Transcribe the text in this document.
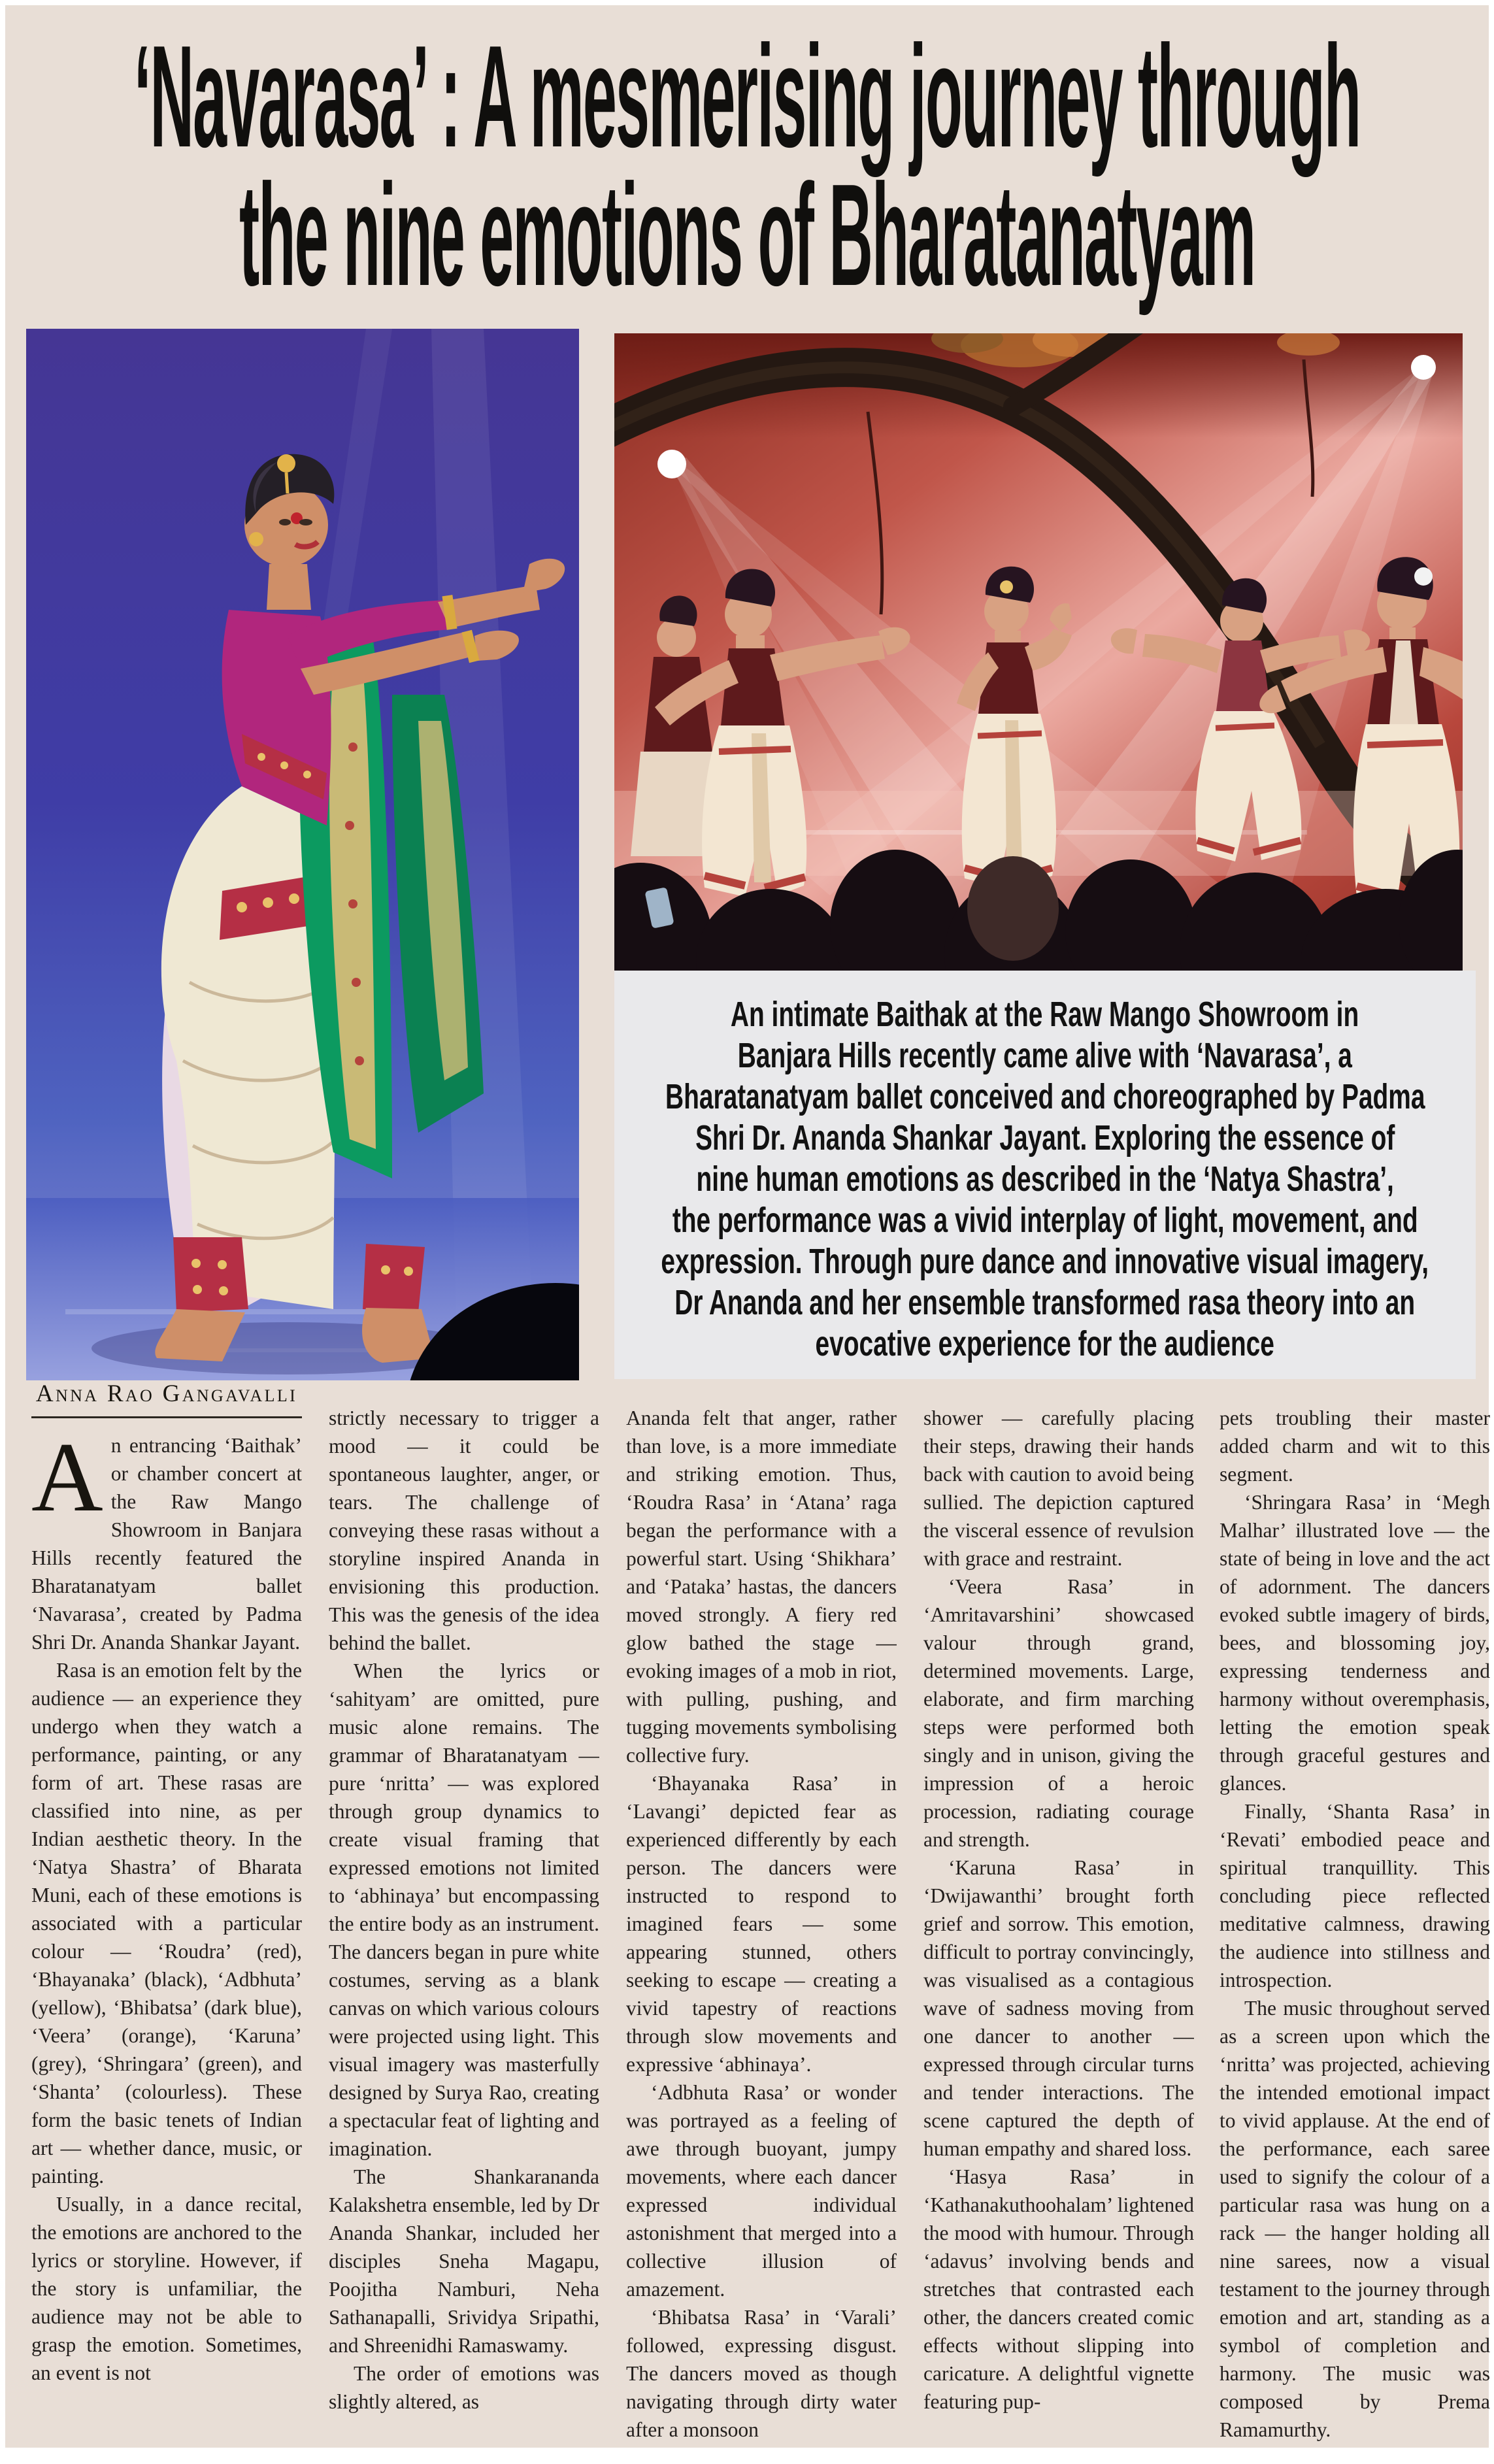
‘Navarasa’ : A mesmerising journey through
the nine emotions of Bharatanatyam
An intimate Baithak at the Raw Mango Showroom in
Banjara Hills recently came alive with ‘Navarasa’, a
Bharatanatyam ballet conceived and choreographed by Padma
Shri Dr. Ananda Shankar Jayant. Exploring the essence of
nine human emotions as described in the ‘Natya Shastra’,
the performance was a vivid interplay of light, movement, and
expression. Through pure dance and innovative visual imagery,
Dr Ananda and her ensemble transformed rasa theory into an
evocative experience for the audience
Anna Rao Gangavalli

An entrancing ‘Baithak’ or chamber concert at the Raw Mango Showroom in Banjara Hills recently featured the Bharatanatyam ballet ‘Navarasa’, created by Padma Shri Dr. Ananda Shankar Jayant.

Rasa is an emotion felt by the audience — an experience they undergo when they watch a performance, painting, or any form of art. These rasas are classified into nine, as per Indian aesthetic theory. In the ‘Natya Shastra’ of Bharata Muni, each of these emotions is associated with a particular colour — ‘Roudra’ (red), ‘Bhayanaka’ (black), ‘Adbhuta’ (yellow), ‘Bhibatsa’ (dark blue), ‘Veera’ (orange), ‘Karuna’ (grey), ‘Shringara’ (green), and ‘Shanta’ (colourless). These form the basic tenets of Indian art — whether dance, music, or painting.

Usually, in a dance recital, the emotions are anchored to the lyrics or storyline. However, if the story is unfamiliar, the audience may not be able to grasp the emotion. Sometimes, an event is not

strictly necessary to trigger a mood — it could be spontaneous laughter, anger, or tears. The challenge of conveying these rasas without a storyline inspired Ananda in envisioning this production. This was the genesis of the idea behind the ballet.

When the lyrics or ‘sahityam’ are omitted, pure music alone remains. The grammar of Bharatanatyam — pure ‘nritta’ — was explored through group dynamics to create visual framing that expressed emotions not limited to ‘abhinaya’ but encompassing the entire body as an instrument. The dancers began in pure white costumes, serving as a blank canvas on which various colours were projected using light. This visual imagery was masterfully designed by Surya Rao, creating a spectacular feat of lighting and imagination.

The Shankarananda Kalakshetra ensemble, led by Dr Ananda Shankar, included her disciples Sneha Magapu, Poojitha Namburi, Neha Sathanapalli, Srividya Sripathi, and Shreenidhi Ramaswamy.

The order of emotions was slightly altered, as

Ananda felt that anger, rather than love, is a more immediate and striking emotion. Thus, ‘Roudra Rasa’ in ‘Atana’ raga began the performance with a powerful start. Using ‘Shikhara’ and ‘Pataka’ hastas, the dancers moved strongly. A fiery red glow bathed the stage — evoking images of a mob in riot, with pulling, pushing, and tugging movements symbolising collective fury.

‘Bhayanaka Rasa’ in ‘Lavangi’ depicted fear as experienced differently by each person. The dancers were instructed to respond to imagined fears — some appearing stunned, others seeking to escape — creating a vivid tapestry of reactions through slow movements and expressive ‘abhinaya’.

‘Adbhuta Rasa’ or wonder was portrayed as a feeling of awe through buoyant, jumpy movements, where each dancer expressed individual astonishment that merged into a collective illusion of amazement.

‘Bhibatsa Rasa’ in ‘Varali’ followed, expressing disgust. The dancers moved as though navigating through dirty water after a monsoon

shower — carefully placing their steps, drawing their hands back with caution to avoid being sullied. The depiction captured the visceral essence of revulsion with grace and restraint.

‘Veera Rasa’ in ‘Amritavarshini’ showcased valour through grand, determined movements. Large, elaborate, and firm marching steps were performed both singly and in unison, giving the impression of a heroic procession, radiating courage and strength.

‘Karuna Rasa’ in ‘Dwijawanthi’ brought forth grief and sorrow. This emotion, difficult to portray convincingly, was visualised as a contagious wave of sadness moving from one dancer to another — expressed through circular turns and tender interactions. The scene captured the depth of human empathy and shared loss.

‘Hasya Rasa’ in ‘Kathanakuthoohalam’ lightened the mood with humour. Through ‘adavus’ involving bends and stretches that contrasted each other, the dancers created comic effects without slipping into caricature. A delightful vignette featuring pup-

pets troubling their master added charm and wit to this segment.

‘Shringara Rasa’ in ‘Megh Malhar’ illustrated love — the state of being in love and the act of adornment. The dancers evoked subtle imagery of birds, bees, and blossoming joy, expressing tenderness and harmony without overemphasis, letting the emotion speak through graceful gestures and glances.

Finally, ‘Shanta Rasa’ in ‘Revati’ embodied peace and spiritual tranquillity. This concluding piece reflected meditative calmness, drawing the audience into stillness and introspection.

The music throughout served as a screen upon which the ‘nritta’ was projected, achieving the intended emotional impact to vivid applause. At the end of the performance, each saree used to signify the colour of a particular rasa was hung on a rack — the hanger holding all nine sarees, now a visual testament to the journey through emotion and art, standing as a symbol of completion and harmony. The music was composed by Prema Ramamurthy.
